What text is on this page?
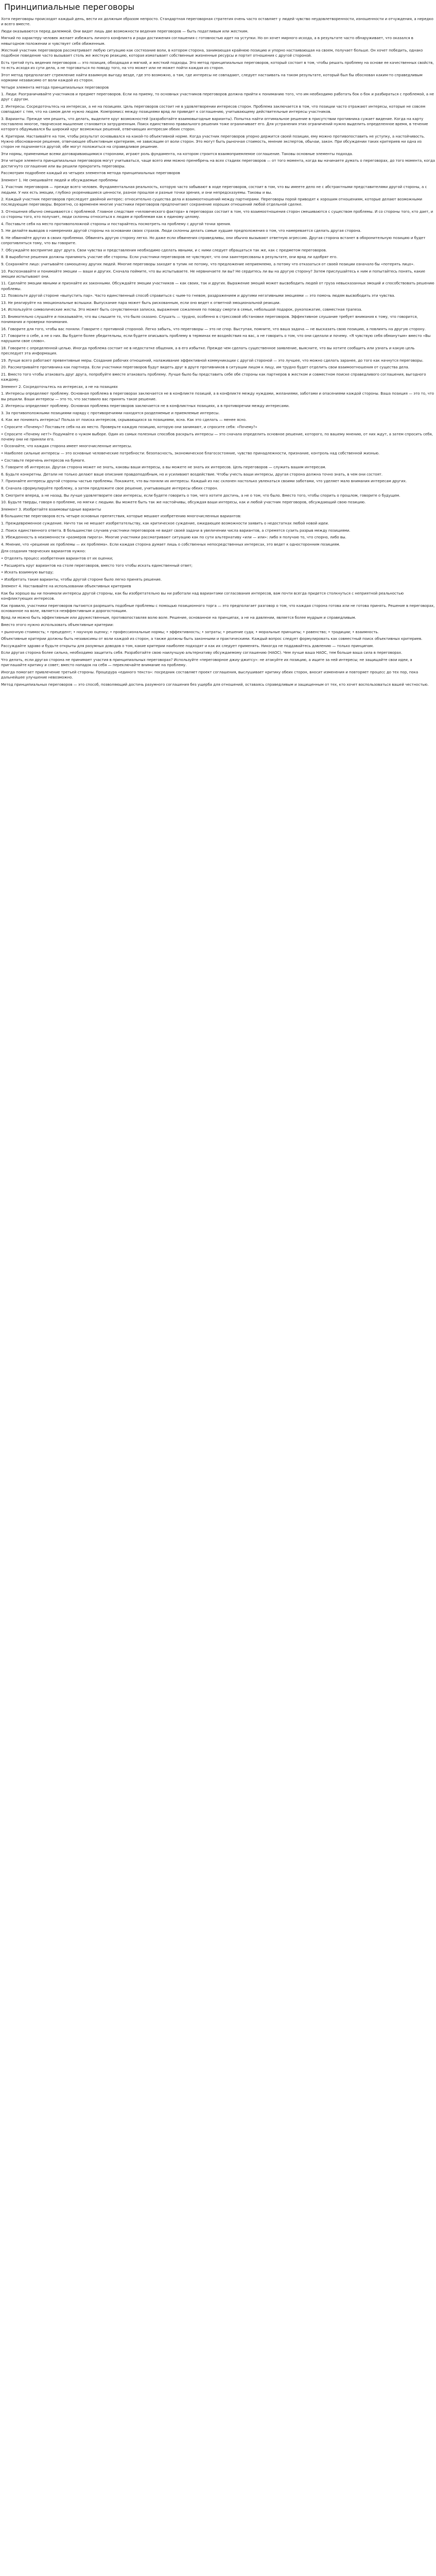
Принципиальные переговоры

Хотя переговоры происходят каждый день, вести их должным образом непросто. Стандартная переговорная стратегия очень часто оставляет у людей чувство неудовлетворенности, изношенности и отчуждения, а нередко и всего вместе.

Люди оказываются перед дилеммой. Они видят лишь две возможности ведения переговоров — быть податливым или жестким.

Мягкий по характеру человек желает избежать личного конфликта и ради достижения соглашения с готовностью идет на уступки. Но он хочет мирного исхода, а в результате часто обнаруживает, что оказался в невыгодном положении и чувствует себя обиженным.

Жесткий участник переговоров рассматривает любую ситуацию как состязание воли, в котором сторона, занимающая крайнюю позицию и упорно настаивающая на своем, получает больше. Он хочет победить, однако подобное поведение часто вызывает столь же жесткую реакцию, которая изматывает собственные жизненные ресурсы и портит отношения с другой стороной.

Есть третий путь ведения переговоров — это позиция, обходящая и мягкий, и жесткий подходы. Это метод принципиальных переговоров, который состоит в том, чтобы решать проблему на основе ее качественных свойств, то есть исходя из сути дела, а не торговаться по поводу того, на что может или не может пойти каждая из сторон.

Этот метод предполагает стремление найти взаимную выгоду везде, где это возможно, а там, где интересы не совпадают, следует настаивать на таком результате, который был бы обоснован каким-то справедливым нормами независимо от воли каждой из сторон.

Четыре элемента метода принципиальных переговоров

1. Люди: Разграничивайте участников и предмет переговоров. Если на приему, то основных участников переговоров должна прийти к пониманию того, что им необходимо работать бок о бок и разбираться с проблемой, а не друг с другом.

2. Интересы. Сосредоточьтесь на интересах, а не на позициях. Цель переговоров состоит не в удовлетворении интересов сторон. Проблема заключается в том, что позиции часто отражают интересы, которые не совсем совпадают с тем, что на самом деле нужно людям. Компромисс между позициями вряд ли приведет к соглашению, учитывающему действительные интересы участников.

3. Варианты. Прежде чем решить, что делать, выделите круг возможностей (разработайте взаимовыгодные варианты). Попытка найти оптимальное решение в присутствии противника сужает видение. Когда на карту поставлено многое, творческое мышление становится затрудненным. Поиск единственно правильного решения тоже ограничивает его. Для устранения этих ограничений нужно выделить определенное время, в течение которого обдумывался бы широкий круг возможных решений, отвечающих интересам обеих сторон.

4. Критерии. Настаивайте на том, чтобы результат основывался на какой-то объективной норме. Когда участник переговоров упорно держится своей позиции, ему можно противопоставить не уступку, а настойчивость. Нужно обоснованное решение, отвечающее объективным критериям, не зависящим от воли сторон. Это могут быть рыночная стоимость, мнение экспертов, обычаи, закон. При обсуждении таких критериев ни одна из сторон не подчиняется другой; обе могут положиться на справедливое решение.

Эти нормы, применимые всеми договаривающимися сторонами, играют роль фундамента, на котором строится взаимоприемлемое соглашение. Таковы основные элементы подхода.

Эти четыре элемента принципиальных переговоров могут учитываться, чаще всего ими можно пренебречь на всех стадиях переговоров — от того момента, когда вы начинаете думать о переговорах, до того момента, когда достигнуто соглашение или вы решили прекратить переговоры.

Рассмотрим подробнее каждый из четырех элементов метода принципиальных переговоров

Элемент 1. Не смешивайте людей и обсуждаемые проблемы

1. Участник переговоров — прежде всего человек. Фундаментальная реальность, которую часто забывают в ходе переговоров, состоит в том, что вы имеете дело не с абстрактными представителями другой стороны, а с людьми. У них есть эмоции, глубоко укоренившиеся ценности, разное прошлое и разные точки зрения, и они непредсказуемы. Таковы и вы.

2. Каждый участник переговоров преследует двойной интерес: относительно существа дела и взаимоотношений между партнерами. Переговоры порой приводят к хорошим отношениям, которые делают возможными последующие переговоры. Вероятно, со временем многие участники переговоров предпочитают сохранение хороших отношений любой отдельной сделке.

3. Отношения обычно смешиваются с проблемой. Главное следствие «человеческого фактора» в переговорах состоит в том, что взаимоотношения сторон смешиваются с существом проблемы. И со стороны того, кто дает, и со стороны того, кто получает, люди склонны относиться к людям и проблемам как к единому целому.

4. Поставьте себя на место противоположной стороны и постарайтесь посмотреть на проблему с другой точки зрения.

5. Не делайте выводов о намерениях другой стороны на основании своих страхов. Люди склонны делать самые худшие предположения о том, что намеревается сделать другая сторона.

6. Не обвиняйте других в своих проблемах. Обвинять другую сторону легко. Но даже если обвинения справедливы, они обычно вызывают ответную агрессию. Другая сторона встанет в оборонительную позицию и будет сопротивляться тому, что вы говорите.

7. Обсуждайте восприятие друг друга. Свои чувства и представления необходимо сделать явными, и с ними следует обращаться так же, как с предметом переговоров.

8. В выработке решения должны принимать участие обе стороны. Если участники переговоров не чувствуют, что они заинтересованы в результате, они вряд ли одобрят его.

9. Сохраняйте лицо: учитывайте самооценку других людей. Многие переговоры заходят в тупик не потому, что предложение неприемлемо, а потому что отказаться от своей позиции означало бы «потерять лицо».

10. Распознавайте и понимайте эмоции — ваши и других. Сначала поймите, что вы испытываете. Не нервничаете ли вы? Не сердитесь ли вы на другую сторону? Затем прислушайтесь к ним и попытайтесь понять, какие эмоции испытывают они.

11. Сделайте эмоции явными и признайте их законными. Обсуждайте эмоции участников — как своих, так и других. Выражение эмоций может высвободить людей от груза невысказанных эмоций и способствовать решению проблемы.

12. Позвольте другой стороне «выпустить пар». Часто единственный способ справиться с чьим-то гневом, раздражением и другими негативными эмоциями — это помочь людям высвободить эти чувства.

13. Не реагируйте на эмоциональные вспышки. Выпускание пара может быть рискованным, если оно ведет к ответной эмоциональной реакции.

14. Используйте символические жесты. Это может быть сочувственная записка, выражение сожаления по поводу смерти в семье, небольшой подарок, рукопожатие, совместная трапеза.

15. Внимательно слушайте и показывайте, что вы слышите то, что было сказано. Слушать — трудно, особенно в стрессовой обстановке переговоров. Эффективное слушание требует внимания к тому, что говорится, понимания и проверки понимания.

16. Говорите для того, чтобы вас поняли. Говорите с противной стороной. Легко забыть, что переговоры — это не спор. Выступая, помните, что ваша задача — не высказать свою позицию, а повлиять на другую сторону.

17. Говорите о себе, а не о них. Вы будете более убедительны, если будете описывать проблему в терминах ее воздействия на вас, а не говорить о том, что они сделали и почему. «Я чувствую себя обманутым» вместо «Вы нарушили свое слово».

18. Говорите с определенной целью. Иногда проблема состоит не в недостатке общения, а в его избытке. Прежде чем сделать существенное заявление, выясните, что вы хотите сообщить или узнать и какую цель преследует эта информация.

19. Лучше всего работают превентивные меры. Создание рабочих отношений, налаживание эффективной коммуникации с другой стороной — это лучшее, что можно сделать заранее, до того как начнутся переговоры.

20. Рассматривайте противника как партнера. Если участники переговоров будут видеть друг в друге противников в ситуации лицом к лицу, им трудно будет отделить свои взаимоотношения от существа дела.

21. Вместо того чтобы атаковать друг друга, попробуйте вместе атаковать проблему. Лучше было бы представить себе обе стороны как партнеров в жестком и совместном поиске справедливого соглашения, выгодного каждому.

Элемент 2. Сосредоточьтесь на интересах, а не на позициях

1. Интересы определяют проблему. Основная проблема в переговорах заключается не в конфликте позиций, а в конфликте между нуждами, желаниями, заботами и опасениями каждой стороны. Ваша позиция — это то, что вы решили. Ваши интересы — это то, что заставило вас принять такое решение.

2. Интересы определяют проблему. Основная проблема переговоров заключается не в конфликтных позициях, а в противоречии между интересами.

3. За противоположными позициями наряду с противоречиями находятся разделяемые и приемлемые интересы.

4. Как же понимать интересы? Польза от поиска интересов, скрывающихся за позициями, ясна. Как это сделать — менее ясно.

• Спросите «Почему»? Поставьте себя на их место. Проверьте каждую позицию, которую они занимают, и спросите себя: «Почему?»

• Спросите «Почему нет?» Подумайте о чужом выборе. Один из самых полезных способов раскрыть интересы — это сначала определить основное решение, которого, по вашему мнению, от них ждут, а затем спросить себя, почему они не приняли его.

• Осознайте, что каждая сторона имеет многочисленные интересы.

• Наиболее сильные интересы — это основные человеческие потребности: безопасность, экономическое благосостояние, чувство принадлежности, признание, контроль над собственной жизнью.

• Составьте перечень интересов на бумаге.

5. Говорите об интересах. Другая сторона может не знать, каковы ваши интересы, а вы можете не знать их интересов. Цель переговоров — служить вашим интересам.

6. Будьте конкретны. Детали не только делают ваше описание правдоподобным, но и усиливают воздействие. Чтобы учесть ваши интересы, другая сторона должна точно знать, в чем они состоят.

7. Признайте интересы другой стороны частью проблемы. Покажите, что вы поняли их интересы. Каждый из нас склонен настолько увлекаться своими заботами, что уделяет мало внимания интересам других.

8. Сначала сформулируйте проблему, а затем предложите свое решение, учитывающее интересы обеих сторон.

9. Смотрите вперед, а не назад. Вы лучше удовлетворите свои интересы, если будете говорить о том, чего хотите достичь, а не о том, что было. Вместо того, чтобы спорить о прошлом, говорите о будущем.

10. Будьте тверды, говоря о проблеме, но мягки с людьми. Вы можете быть так же настойчивы, обсуждая ваши интересы, как и любой участник переговоров, обсуждающий свою позицию.

Элемент 3. Изобретайте взаимовыгодные варианты

В большинстве переговоров есть четыре основных препятствия, которые мешают изобретению многочисленных вариантов:

1. Преждевременное суждение. Ничто так не мешает изобретательству, как критическое суждение, ожидающее возможности заявить о недостатках любой новой идеи.

2. Поиск единственного ответа. В большинстве случаев участники переговоров не видят своей задачи в увеличении числа вариантов, а стремятся сузить разрыв между позициями.

3. Убежденность в неизменности «размеров пирога». Многие участники рассматривают ситуацию как по сути альтернативу «или — или»: либо я получаю то, что спорно, либо вы.

4. Мнение, что «решение их проблемы — их проблема». Если каждая сторона думает лишь о собственных непосредственных интересах, это ведет к односторонним позициям.

Для создания творческих вариантов нужно:

• Отделять процесс изобретения вариантов от их оценки;

• Расширять круг вариантов на столе переговоров, вместо того чтобы искать единственный ответ;

• Искать взаимную выгоду;

• Изобретать такие варианты, чтобы другой стороне было легко принять решение.

Элемент 4. Настаивайте на использовании объективных критериев

Как бы хорошо вы ни понимали интересы другой стороны, как бы изобретательно вы ни работали над вариантами согласования интересов, вам почти всегда придется столкнуться с неприятной реальностью конфликтующих интересов.

Как правило, участники переговоров пытаются разрешить подобные проблемы с помощью позиционного торга — это предполагает разговор о том, что каждая сторона готова или не готова принять. Решение в переговорах, основанное на воле, является неэффективным и дорогостоящим.

Вряд ли можно быть эффективным или дружественным, противопоставляя волю воле. Решение, основанное на принципах, а не на давлении, является более мудрым и справедливым.

Вместо этого нужно использовать объективные критерии:

• рыночную стоимость; • прецедент; • научную оценку; • профессиональные нормы; • эффективность; • затраты; • решение суда; • моральные принципы; • равенство; • традиции; • взаимность.

Объективные критерии должны быть независимы от воли каждой из сторон, а также должны быть законными и практическими. Каждый вопрос следует формулировать как совместный поиск объективных критериев.

Рассуждайте здраво и будьте открыты для разумных доводов о том, какие критерии наиболее подходят и как их следует применять. Никогда не поддавайтесь давлению — только принципам.

Если другая сторона более сильна, необходимо защитить себя. Разработайте свою наилучшую альтернативу обсуждаемому соглашению (НАОС). Чем лучше ваша НАОС, тем больше ваша сила в переговорах.

Что делать, если другая сторона не принимает участия в принципиальных переговорах? Используйте «переговорное джиу-джитсу»: не атакуйте их позицию, а ищите за ней интересы; не защищайте свои идеи, а приглашайте критику и совет; вместо нападок на себя — переключайте внимание на проблему.

Иногда помогает привлечение третьей стороны. Процедура «единого текста»: посредник составляет проект соглашения, выслушивает критику обеих сторон, вносит изменения и повторяет процесс до тех пор, пока дальнейшее улучшение невозможно.

Метод принципиальных переговоров — это способ, позволяющий достичь разумного соглашения без ущерба для отношений, оставаясь справедливым и защищенным от тех, кто хочет воспользоваться вашей честностью.
